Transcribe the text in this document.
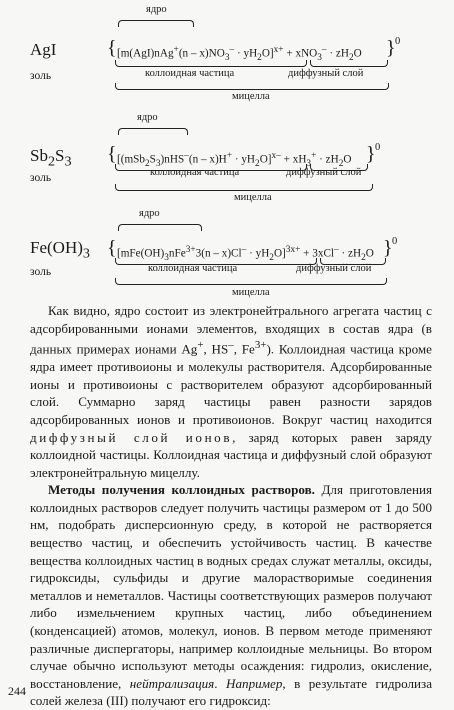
ядро
AgI	{ $[m(AgI)nAg^+(n - x)NO_3^- \cdot yH_2O]^{x+} + xNO_3^- \cdot zH_2O$ } 0
золь	коллоидная частица	диффузный слой
мицелла
ядро
$Sb_2S_3$ { $[(mSb_2S_3)nHS^-(n - x)H^+ \cdot yH_2O]^{x-} + xH_3^+ \cdot zH_2O$ } 0
золь	коллоидная частица	диффузный слой
мицелла
ядро
$Fe(OH)_3$ { $[mFe(OH)_3nFe^{3+}3(n - x)Cl^- \cdot yH_2O]^{3x+} + 3xCl^- \cdot zH_2O$ } 0
золь	коллоидная частица	диффузный слой
мицелла

Как видно, ядро состоит из электронейтрального агрегата частиц с адсорбированными ионами элементов, входящих в состав ядра (в данных примерах ионами Ag+, HS–, $Fe^{3+}$). Коллоидная частица кроме ядра имеет противоионы и молекулы растворителя. Адсорбированные ионы и противоионы с растворителем образуют адсорбированный слой. Суммарно заряд частицы равен разности зарядов адсорбированных ионов и противоионов. Вокруг частиц находится диффузный слой ионов, заряд которых равен заряду коллоидной частицы. Коллоидная частица и диффузный слой образуют электронейтральную мицеллу.

Методы получения коллоидных растворов. Для приготовления коллоидных растворов следует получить частицы размером от 1 до 500 нм, подобрать дисперсионную среду, в которой не растворяется вещество частиц, и обеспечить устойчивость частиц. В качестве вещества коллоидных частиц в водных средах служат металлы, оксиды, гидроксиды, сульфиды и другие малорастворимые соединения металлов и неметаллов. Частицы соответствующих размеров получают либо измельчением крупных частиц, либо объединением (конденсацией) атомов, молекул, ионов. В первом методе применяют различные диспергаторы, например коллоидные мельницы. Во втором случае обычно используют методы осаждения: гидролиз, окисление, восстановление, нейтрализация. Например, в результате гидролиза солей железа (III) получают его гидроксид:

244
